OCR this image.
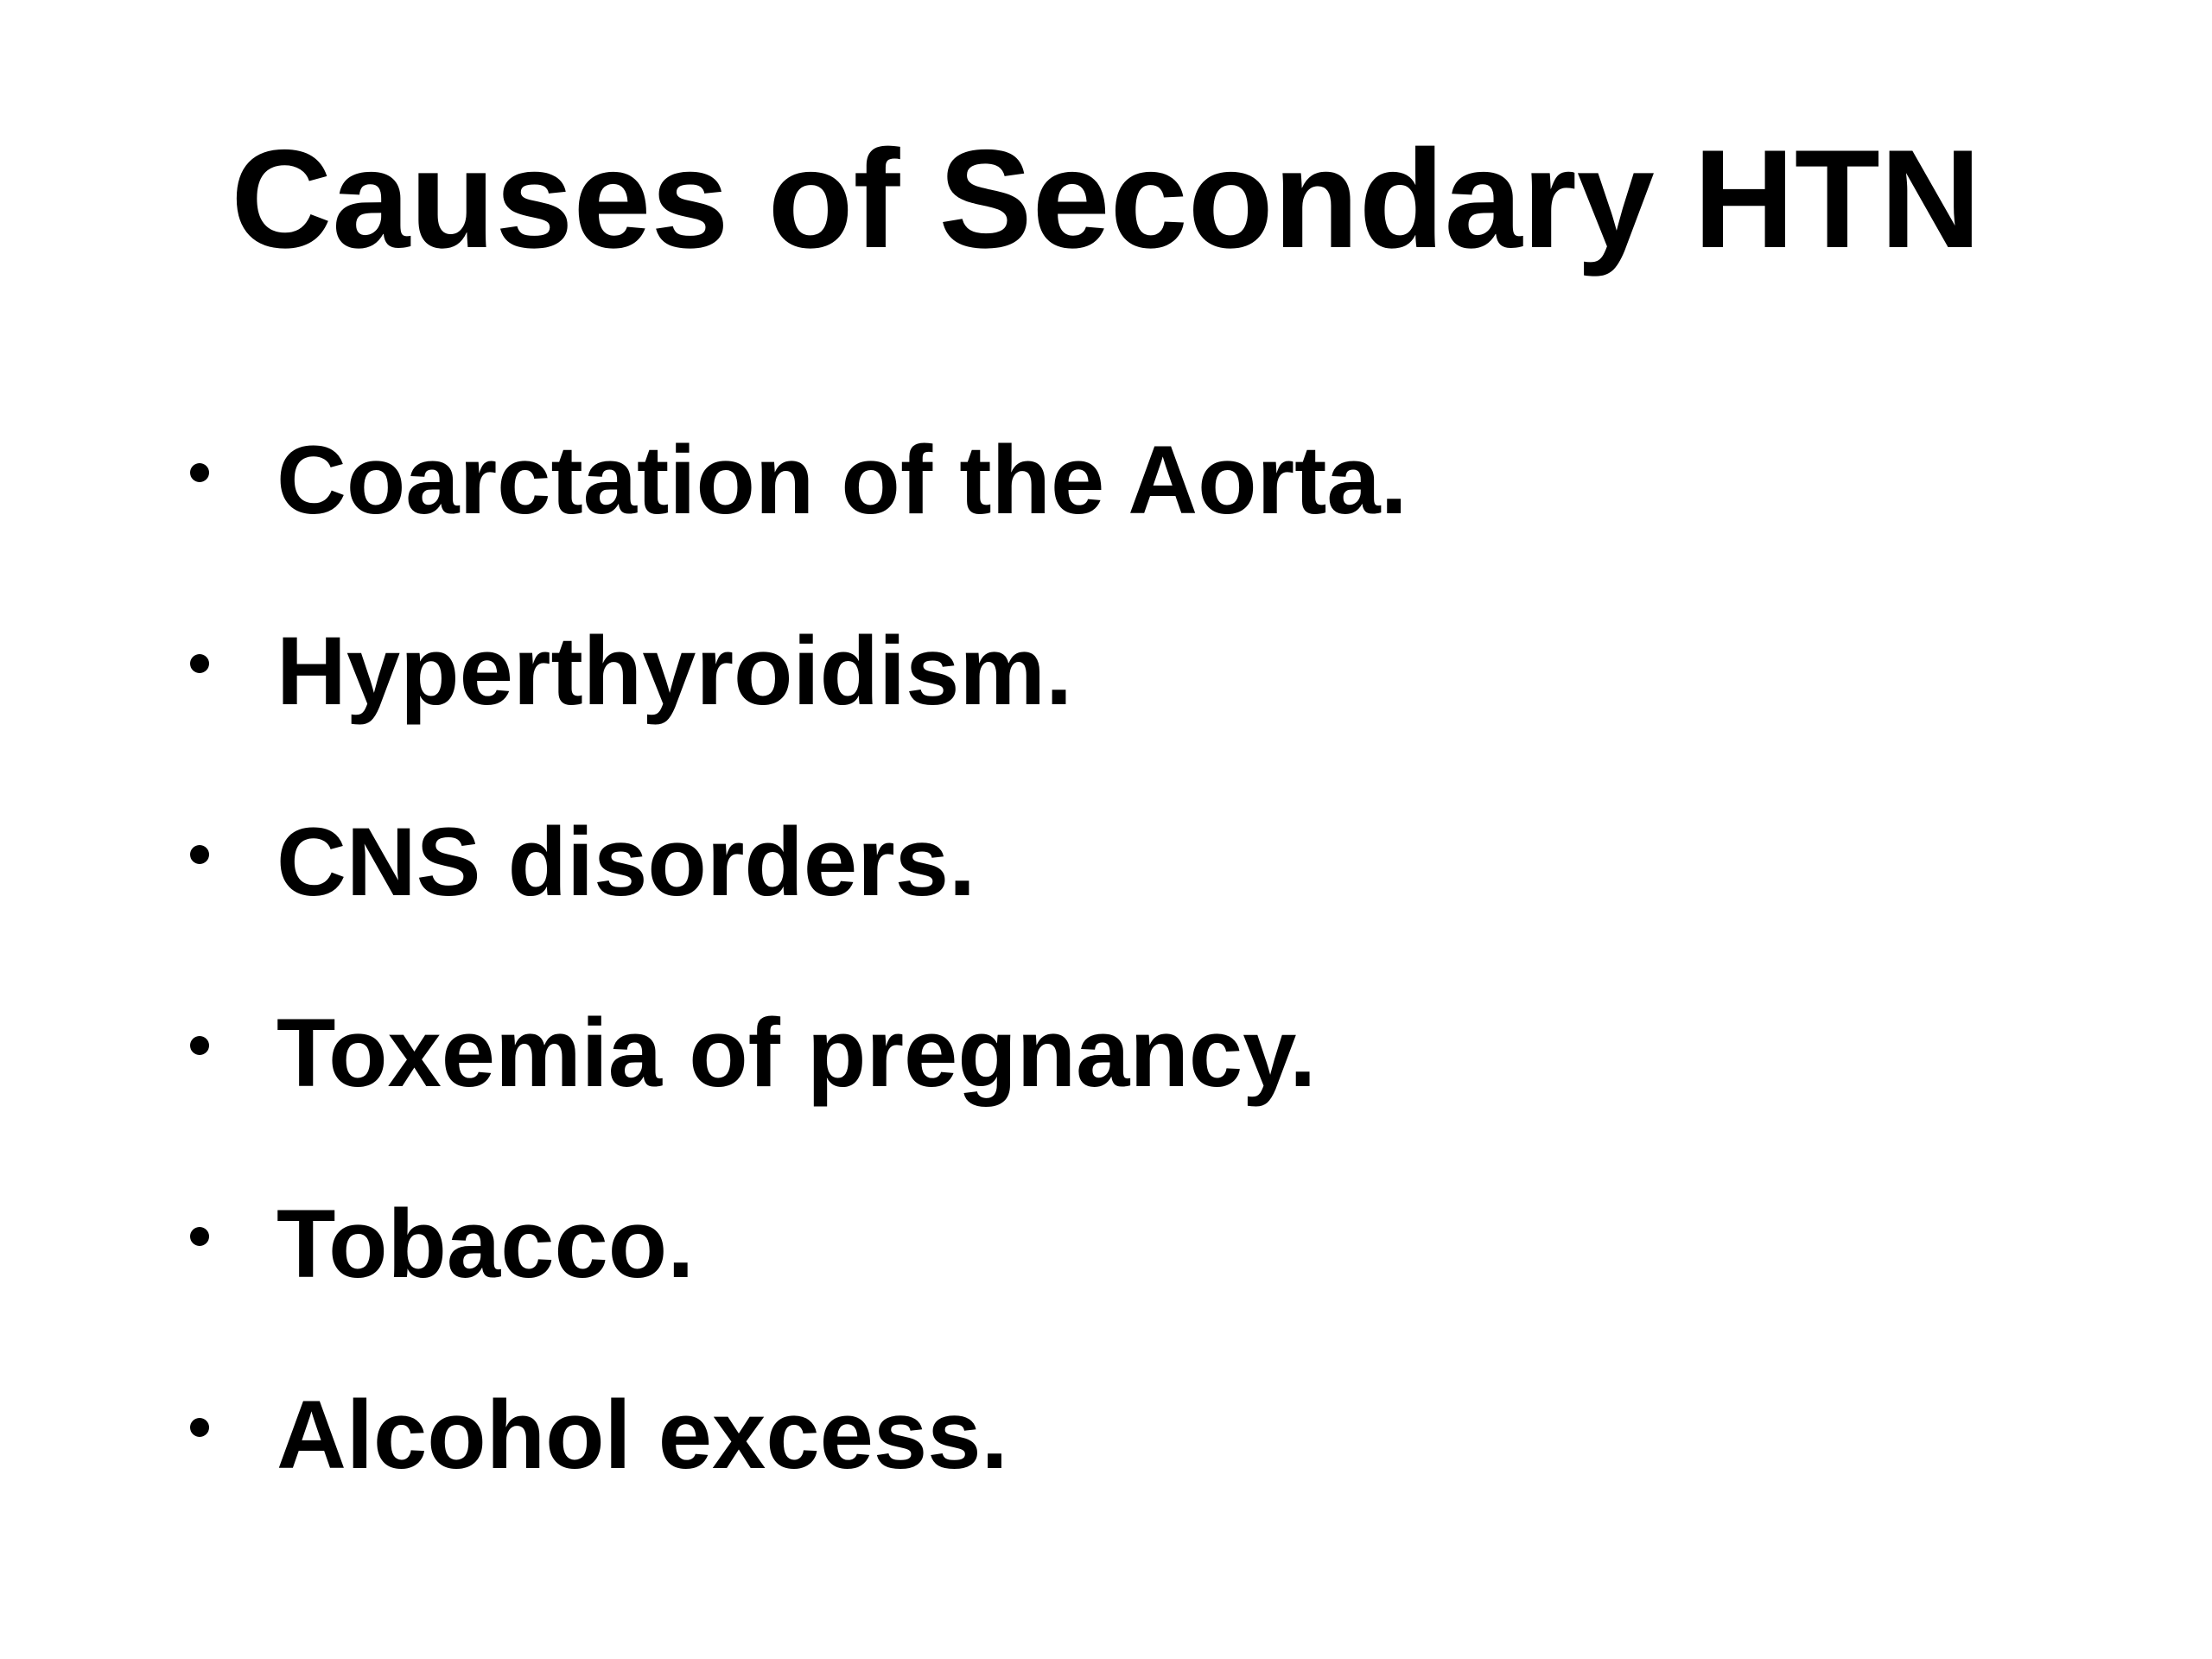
Causes of Secondary HTN
Coarctation of the Aorta.
Hyperthyroidism.
CNS disorders.
Toxemia of pregnancy.
Tobacco.
Alcohol excess.
